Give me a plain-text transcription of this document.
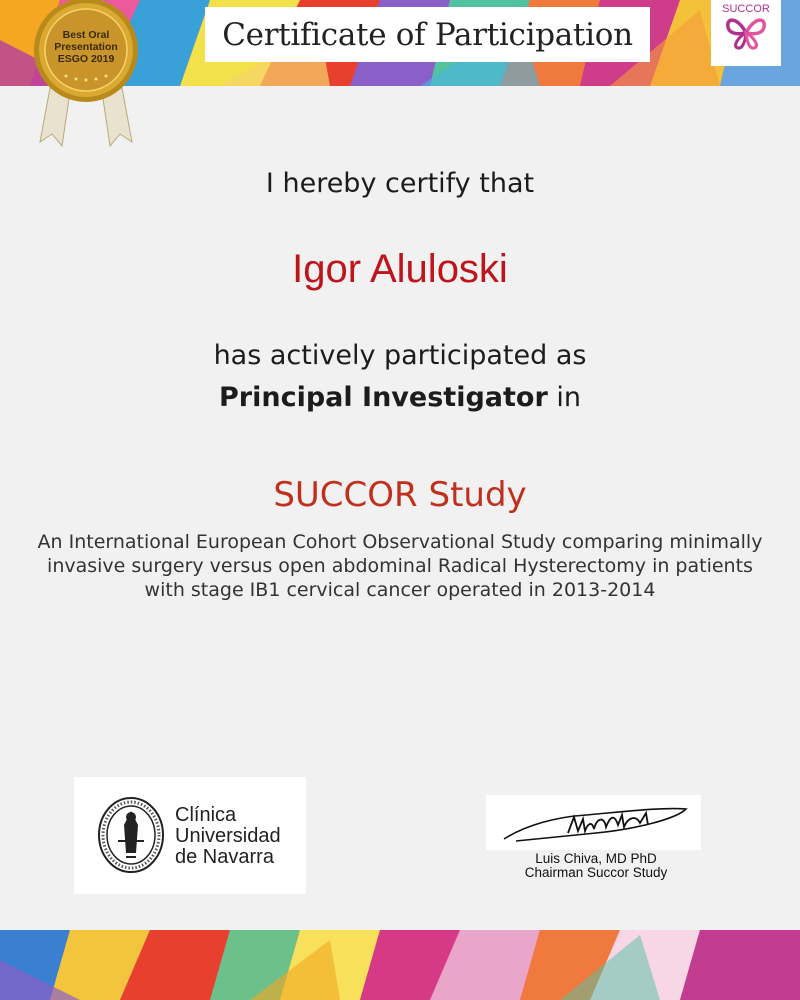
Certificate of Participation
SUCCOR
Best Oral
Presentation
ESGO 2019
I hereby certify that
Igor Aluloski
has actively participated as
Principal Investigator in
SUCCOR Study
An International European Cohort Observational Study comparing minimally
invasive surgery versus open abdominal Radical Hysterectomy in patients
with stage IB1 cervical cancer operated in 2013-2014
Clínica
Universidad
de Navarra	Luis Chiva, MD PhD
Chairman Succor Study
